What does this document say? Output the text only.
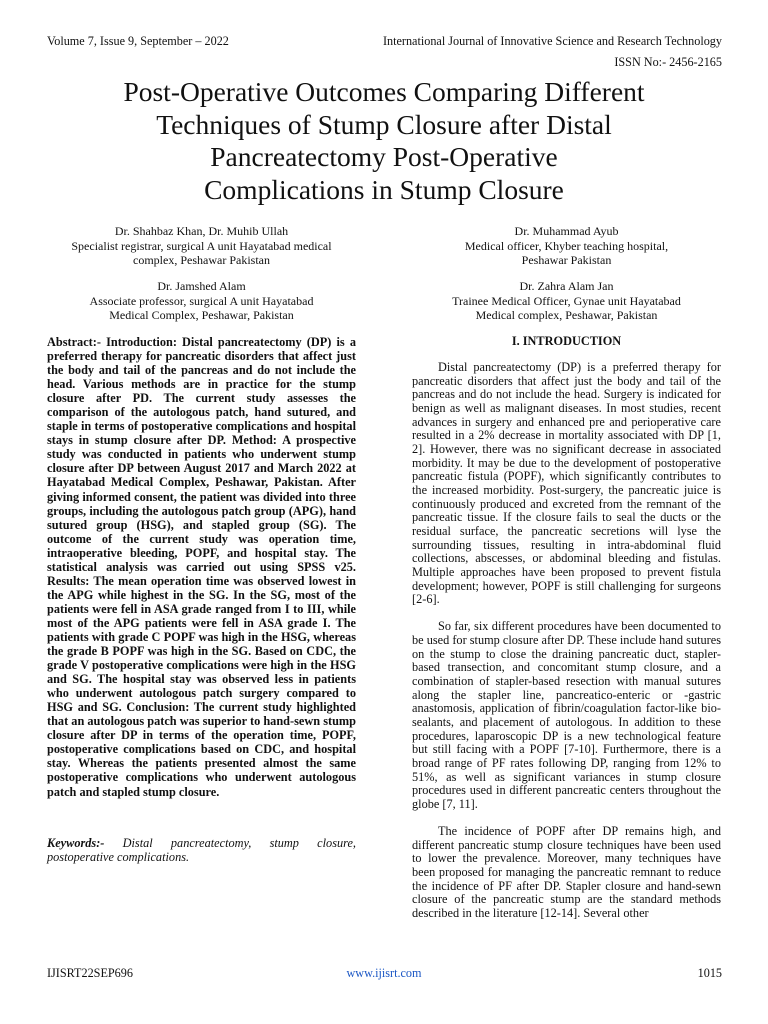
Volume 7, Issue 9, September – 2022	International Journal of Innovative Science and Research Technology
ISSN No:- 2456-2165
Post-Operative Outcomes Comparing Different
Techniques of Stump Closure after Distal
Pancreatectomy Post-Operative
Complications in Stump Closure
Dr. Shahbaz Khan, Dr. Muhib Ullah
Specialist registrar, surgical A unit Hayatabad medical
complex, Peshawar Pakistan
Dr. Muhammad Ayub
Medical officer, Khyber teaching hospital,
Peshawar Pakistan
Dr. Jamshed Alam
Associate professor, surgical A unit Hayatabad
Medical Complex, Peshawar, Pakistan
Dr. Zahra Alam Jan
Trainee Medical Officer, Gynae unit Hayatabad
Medical complex, Peshawar, Pakistan
Abstract:- Introduction: Distal pancreatectomy (DP) is a preferred therapy for pancreatic disorders that affect just the body and tail of the pancreas and do not include the head. Various methods are in practice for the stump closure after PD. The current study assesses the comparison of the autologous patch, hand sutured, and staple in terms of postoperative complications and hospital stays in stump closure after DP. Method: A prospective study was conducted in patients who underwent stump closure after DP between August 2017 and March 2022 at Hayatabad Medical Complex, Peshawar, Pakistan. After giving informed consent, the patient was divided into three groups, including the autologous patch group (APG), hand sutured group (HSG), and stapled group (SG). The outcome of the current study was operation time, intraoperative bleeding, POPF, and hospital stay. The statistical analysis was carried out using SPSS v25. Results: The mean operation time was observed lowest in the APG while highest in the SG. In the SG, most of the patients were fell in ASA grade ranged from I to III, while most of the APG patients were fell in ASA grade I. The patients with grade C POPF was high in the HSG, whereas the grade B POPF was high in the SG. Based on CDC, the grade V postoperative complications were high in the HSG and SG. The hospital stay was observed less in patients who underwent autologous patch surgery compared to HSG and SG. Conclusion: The current study highlighted that an autologous patch was superior to hand-sewn stump closure after DP in terms of the operation time, POPF, postoperative complications based on CDC, and hospital stay. Whereas the patients presented almost the same postoperative complications who underwent autologous patch and stapled stump closure.
Keywords:- Distal pancreatectomy, stump closure, postoperative complications.
I. INTRODUCTION

Distal pancreatectomy (DP) is a preferred therapy for pancreatic disorders that affect just the body and tail of the pancreas and do not include the head. Surgery is indicated for benign as well as malignant diseases. In most studies, recent advances in surgery and enhanced pre and perioperative care resulted in a 2% decrease in mortality associated with DP [1, 2]. However, there was no significant decrease in associated morbidity. It may be due to the development of postoperative pancreatic fistula (POPF), which significantly contributes to the increased morbidity. Post-surgery, the pancreatic juice is continuously produced and excreted from the remnant of the pancreatic tissue. If the closure fails to seal the ducts or the residual surface, the pancreatic secretions will lyse the surrounding tissues, resulting in intra-abdominal fluid collections, abscesses, or abdominal bleeding and fistulas. Multiple approaches have been proposed to prevent fistula development; however, POPF is still challenging for surgeons [2-6].

So far, six different procedures have been documented to be used for stump closure after DP. These include hand sutures on the stump to close the draining pancreatic duct, stapler-based transection, and concomitant stump closure, and a combination of stapler-based resection with manual sutures along the stapler line, pancreatico-enteric or -gastric anastomosis, application of fibrin/coagulation factor-like bio-sealants, and placement of autologous. In addition to these procedures, laparoscopic DP is a new technological feature but still facing with a POPF [7-10]. Furthermore, there is a broad range of PF rates following DP, ranging from 12% to 51%, as well as significant variances in stump closure procedures used in different pancreatic centers throughout the globe [7, 11].

The incidence of POPF after DP remains high, and different pancreatic stump closure techniques have been used to lower the prevalence. Moreover, many techniques have been proposed for managing the pancreatic remnant to reduce the incidence of PF after DP. Stapler closure and hand-sewn closure of the pancreatic stump are the standard methods described in the literature [12-14]. Several other

IJISRT22SEP696	www.ijisrt.com	1015
